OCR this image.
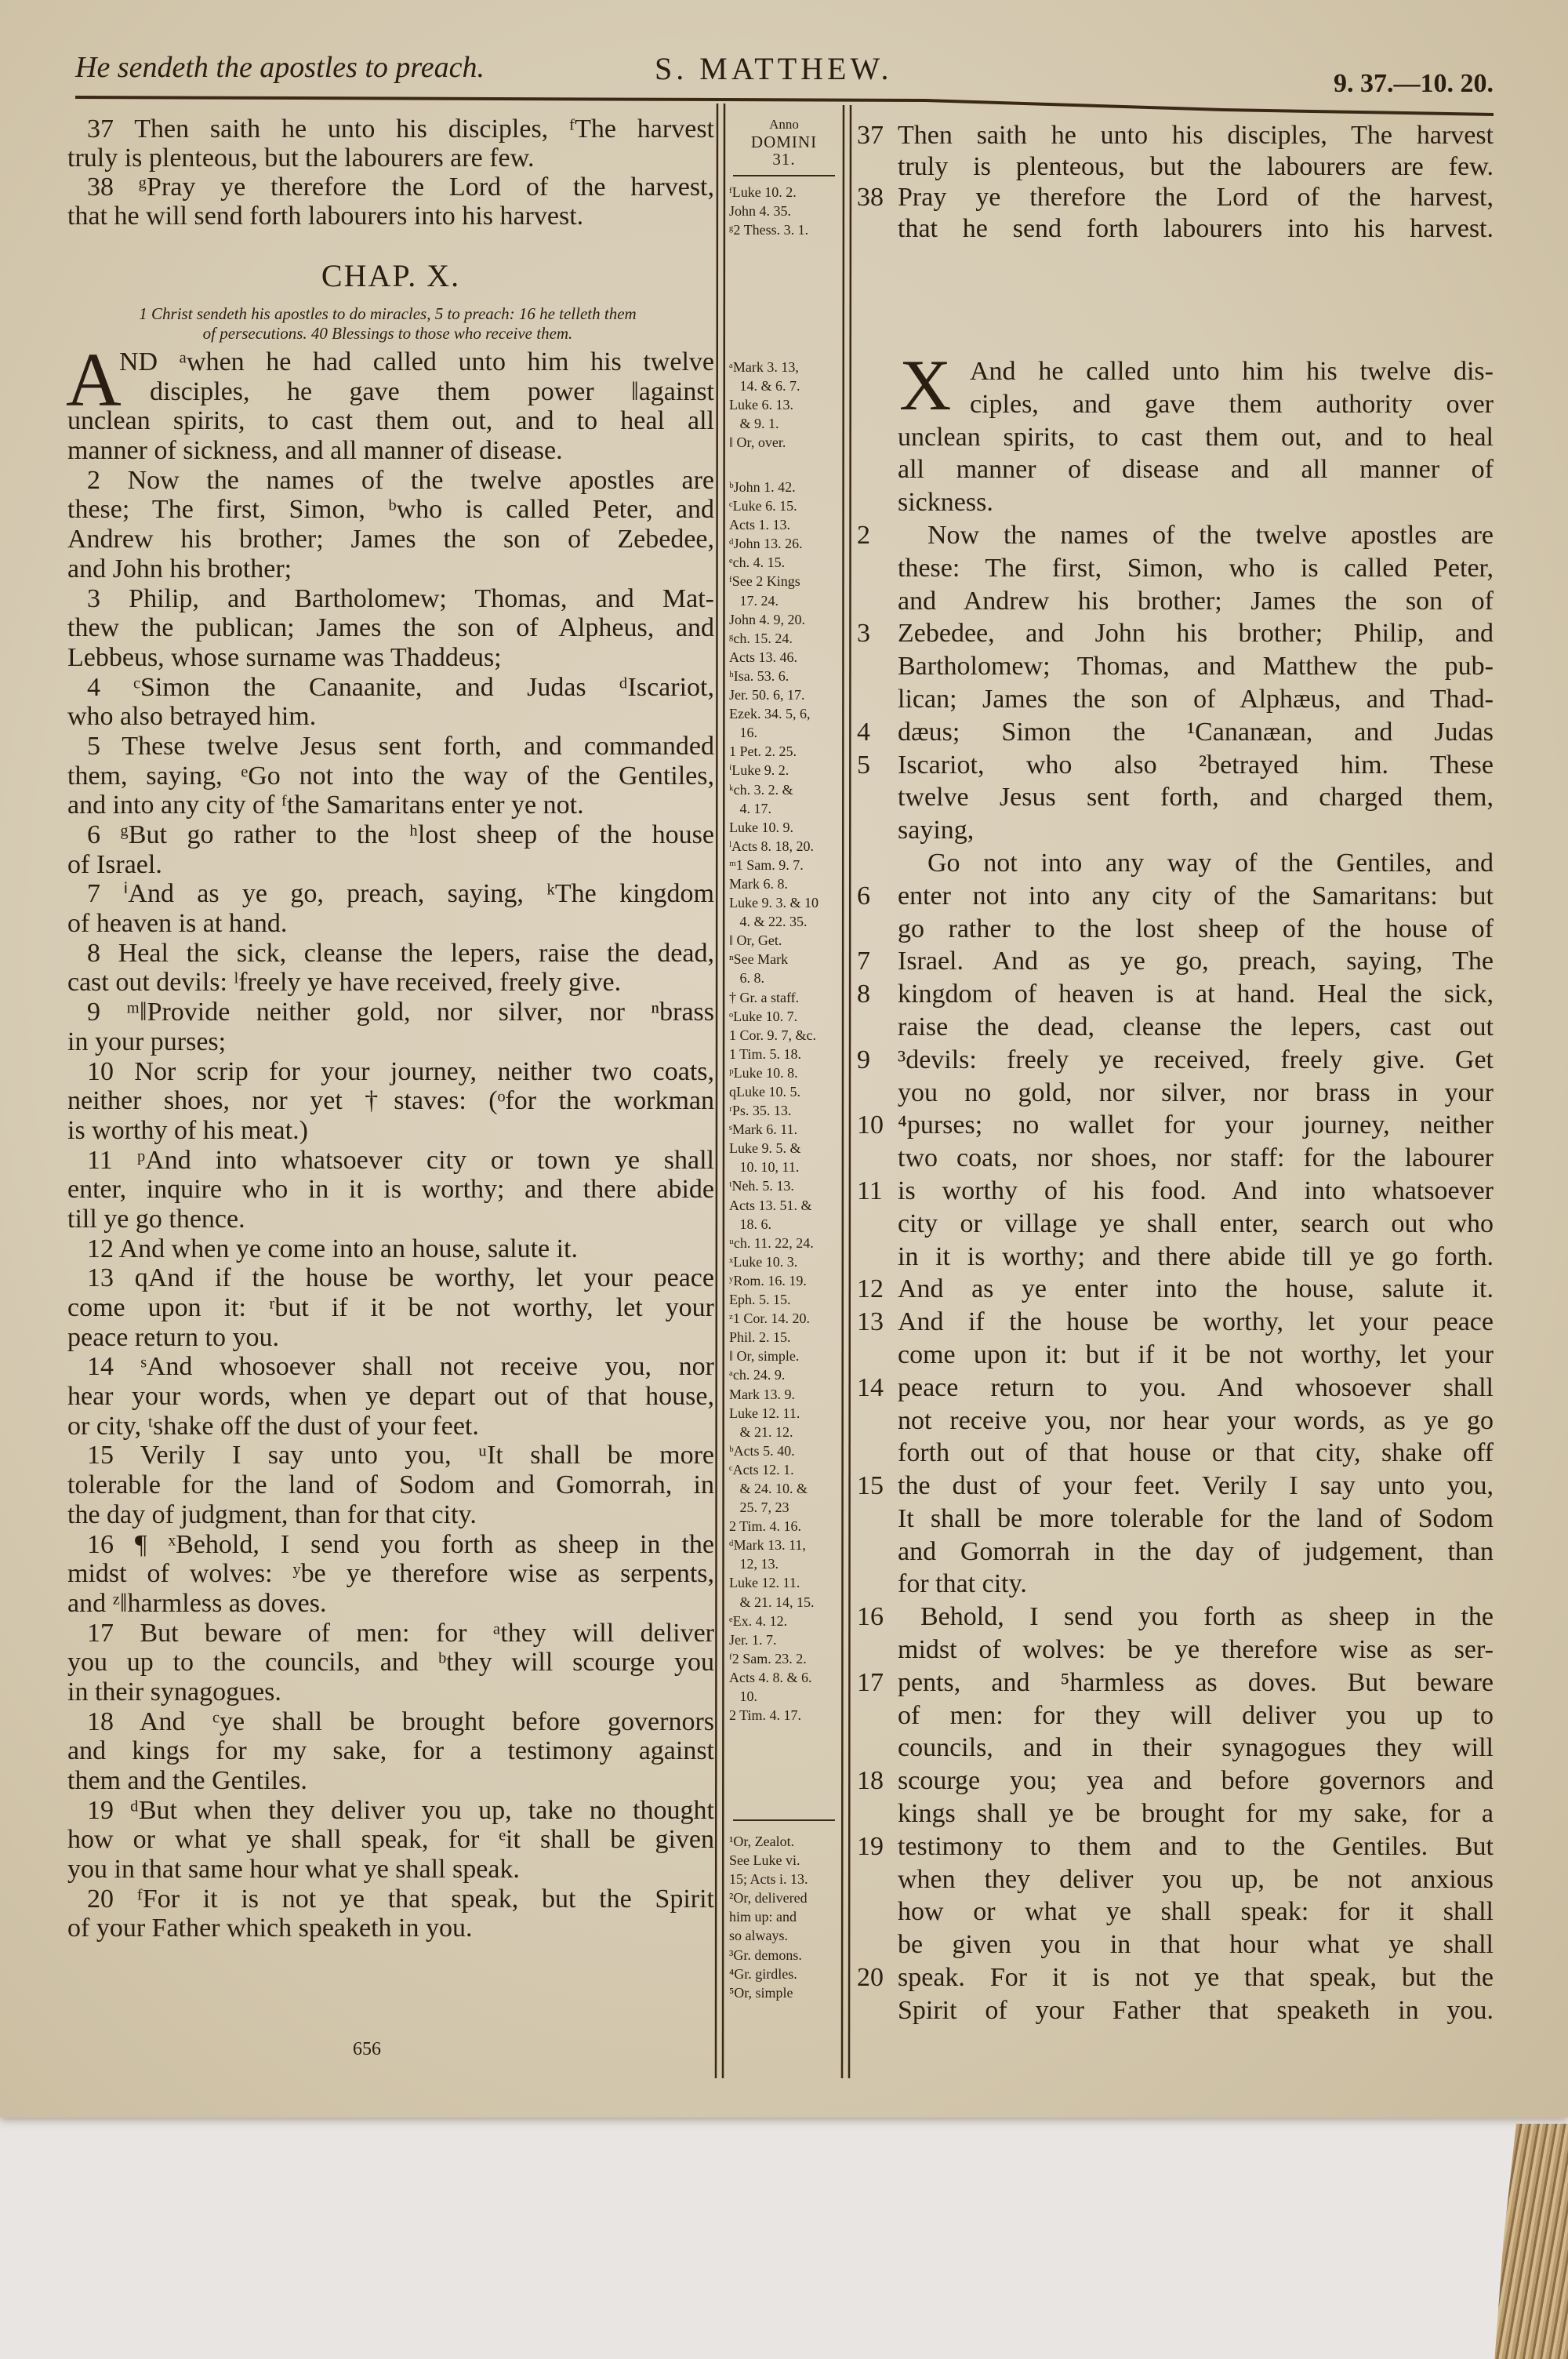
He sendeth the apostles to preach.	S. MATTHEW.	9. 37.—10. 20.
37 Then saith he unto his disciples, ᶠThe harvest
truly is plenteous, but the labourers are few.
38 ᵍPray ye therefore the Lord of the harvest,
that he will send forth labourers into his harvest.
CHAP. X.
1 Christ sendeth his apostles to do miracles, 5 to preach: 16 he telleth them
of persecutions. 40 Blessings to those who receive them.
A
ND ᵃwhen he had called unto him his twelve
disciples, he gave them power ‖against
unclean spirits, to cast them out, and to heal all
manner of sickness, and all manner of disease.
2 Now the names of the twelve apostles are
these; The first, Simon, ᵇwho is called Peter, and
Andrew his brother; James the son of Zebedee,
and John his brother;
3 Philip, and Bartholomew; Thomas, and Mat-
thew the publican; James the son of Alpheus, and
Lebbeus, whose surname was Thaddeus;
4 ᶜSimon the Canaanite, and Judas ᵈIscariot,
who also betrayed him.
5 These twelve Jesus sent forth, and commanded
them, saying, ᵉGo not into the way of the Gentiles,
and into any city of ᶠthe Samaritans enter ye not.
6 ᵍBut go rather to the ʰlost sheep of the house
of Israel.
7 ⁱAnd as ye go, preach, saying, ᵏThe kingdom
of heaven is at hand.
8 Heal the sick, cleanse the lepers, raise the dead,
cast out devils: ˡfreely ye have received, freely give.
9 ᵐ‖Provide neither gold, nor silver, nor ⁿbrass
in your purses;
10 Nor scrip for your journey, neither two coats,
neither shoes, nor yet †staves: (ᵒfor the workman
is worthy of his meat.)
11 ᵖAnd into whatsoever city or town ye shall
enter, inquire who in it is worthy; and there abide
till ye go thence.
12 And when ye come into an house, salute it.
13 qAnd if the house be worthy, let your peace
come upon it: ʳbut if it be not worthy, let your
peace return to you.
14 ˢAnd whosoever shall not receive you, nor
hear your words, when ye depart out of that house,
or city, ᵗshake off the dust of your feet.
15 Verily I say unto you, ᵘIt shall be more
tolerable for the land of Sodom and Gomorrah, in
the day of judgment, than for that city.
16 ¶ ˣBehold, I send you forth as sheep in the
midst of wolves: ʸbe ye therefore wise as serpents,
and ᶻ‖harmless as doves.
17 But beware of men: for ᵃthey will deliver
you up to the councils, and ᵇthey will scourge you
in their synagogues.
18 And ᶜye shall be brought before governors
and kings for my sake, for a testimony against
them and the Gentiles.
19 ᵈBut when they deliver you up, take no thought
how or what ye shall speak, for ᵉit shall be given
you in that same hour what ye shall speak.
20 ᶠFor it is not ye that speak, but the Spirit
of your Father which speaketh in you.
Anno
DOMINI
31.
ᶠLuke 10. 2.
John 4. 35.
ᵍ2 Thess. 3. 1.
ᵃMark 3. 13,
14. & 6. 7.
Luke 6. 13.
& 9. 1.
‖ Or, over.
ᵇJohn 1. 42.
ᶜLuke 6. 15.
Acts 1. 13.
ᵈJohn 13. 26.
ᵉch. 4. 15.
ᶠSee 2 Kings
17. 24.
John 4. 9, 20.
ᵍch. 15. 24.
Acts 13. 46.
ʰIsa. 53. 6.
Jer. 50. 6, 17.
Ezek. 34. 5, 6,
16.
1 Pet. 2. 25.
ⁱLuke 9. 2.
ᵏch. 3. 2. &
4. 17.
Luke 10. 9.
ˡActs 8. 18, 20.
ᵐ1 Sam. 9. 7.
Mark 6. 8.
Luke 9. 3. & 10
4. & 22. 35.
‖ Or, Get.
ⁿSee Mark
6. 8.
† Gr. a staff.
ᵒLuke 10. 7.
1 Cor. 9. 7, &c.
1 Tim. 5. 18.
ᵖLuke 10. 8.
qLuke 10. 5.
ʳPs. 35. 13.
ˢMark 6. 11.
Luke 9. 5. &
10. 10, 11.
ᵗNeh. 5. 13.
Acts 13. 51. &
18. 6.
ᵘch. 11. 22, 24.
ˣLuke 10. 3.
ʸRom. 16. 19.
Eph. 5. 15.
ᶻ1 Cor. 14. 20.
Phil. 2. 15.
‖ Or, simple.
ᵃch. 24. 9.
Mark 13. 9.
Luke 12. 11.
& 21. 12.
ᵇActs 5. 40.
ᶜActs 12. 1.
& 24. 10. &
25. 7, 23
2 Tim. 4. 16.
ᵈMark 13. 11,
12, 13.
Luke 12. 11.
& 21. 14, 15.
ᵉEx. 4. 12.
Jer. 1. 7.
ᶠ2 Sam. 23. 2.
Acts 4. 8. & 6.
10.
2 Tim. 4. 17.
¹Or, Zealot.
See Luke vi.
15; Acts i. 13.
²Or, delivered
him up: and
so always.
³Gr. demons.
⁴Gr. girdles.
⁵Or, simple
37 Then saith he unto his disciples, The harvest
truly is plenteous, but the labourers are few.
38 Pray ye therefore the Lord of the harvest,
that he send forth labourers into his harvest.
X And he called unto him his twelve dis-
ciples, and gave them authority over
unclean spirits, to cast them out, and to heal
all manner of disease and all manner of
sickness.
2	Now the names of the twelve apostles are
these: The first, Simon, who is called Peter,
and Andrew his brother; James the son of
3	Zebedee, and John his brother; Philip, and
Bartholomew; Thomas, and Matthew the pub-
lican; James the son of Alphæus, and Thad-
4	dæus; Simon the ¹Cananæan, and Judas
5	Iscariot, who also ²betrayed him. These
twelve Jesus sent forth, and charged them,
saying,
Go not into any way of the Gentiles, and
6	enter not into any city of the Samaritans: but
go rather to the lost sheep of the house of
7	Israel. And as ye go, preach, saying, The
8	kingdom of heaven is at hand. Heal the sick,
raise the dead, cleanse the lepers, cast out
9	³devils: freely ye received, freely give. Get
you no gold, nor silver, nor brass in your
10 ⁴purses; no wallet for your journey, neither
two coats, nor shoes, nor staff: for the labourer
11 is worthy of his food. And into whatsoever
city or village ye shall enter, search out who
in it is worthy; and there abide till ye go forth.
12 And as ye enter into the house, salute it.
13 And if the house be worthy, let your peace
come upon it: but if it be not worthy, let your
14 peace return to you. And whosoever shall
not receive you, nor hear your words, as ye go
forth out of that house or that city, shake off
15 the dust of your feet. Verily I say unto you,
It shall be more tolerable for the land of Sodom
and Gomorrah in the day of judgement, than
for that city.
16	Behold, I send you forth as sheep in the
midst of wolves: be ye therefore wise as ser-
17 pents, and ⁵harmless as doves. But beware
of men: for they will deliver you up to
councils, and in their synagogues they will
18 scourge you; yea and before governors and
kings shall ye be brought for my sake, for a
19 testimony to them and to the Gentiles. But
when they deliver you up, be not anxious
how or what ye shall speak: for it shall
be given you in that hour what ye shall
20 speak. For it is not ye that speak, but the
Spirit of your Father that speaketh in you.
656
